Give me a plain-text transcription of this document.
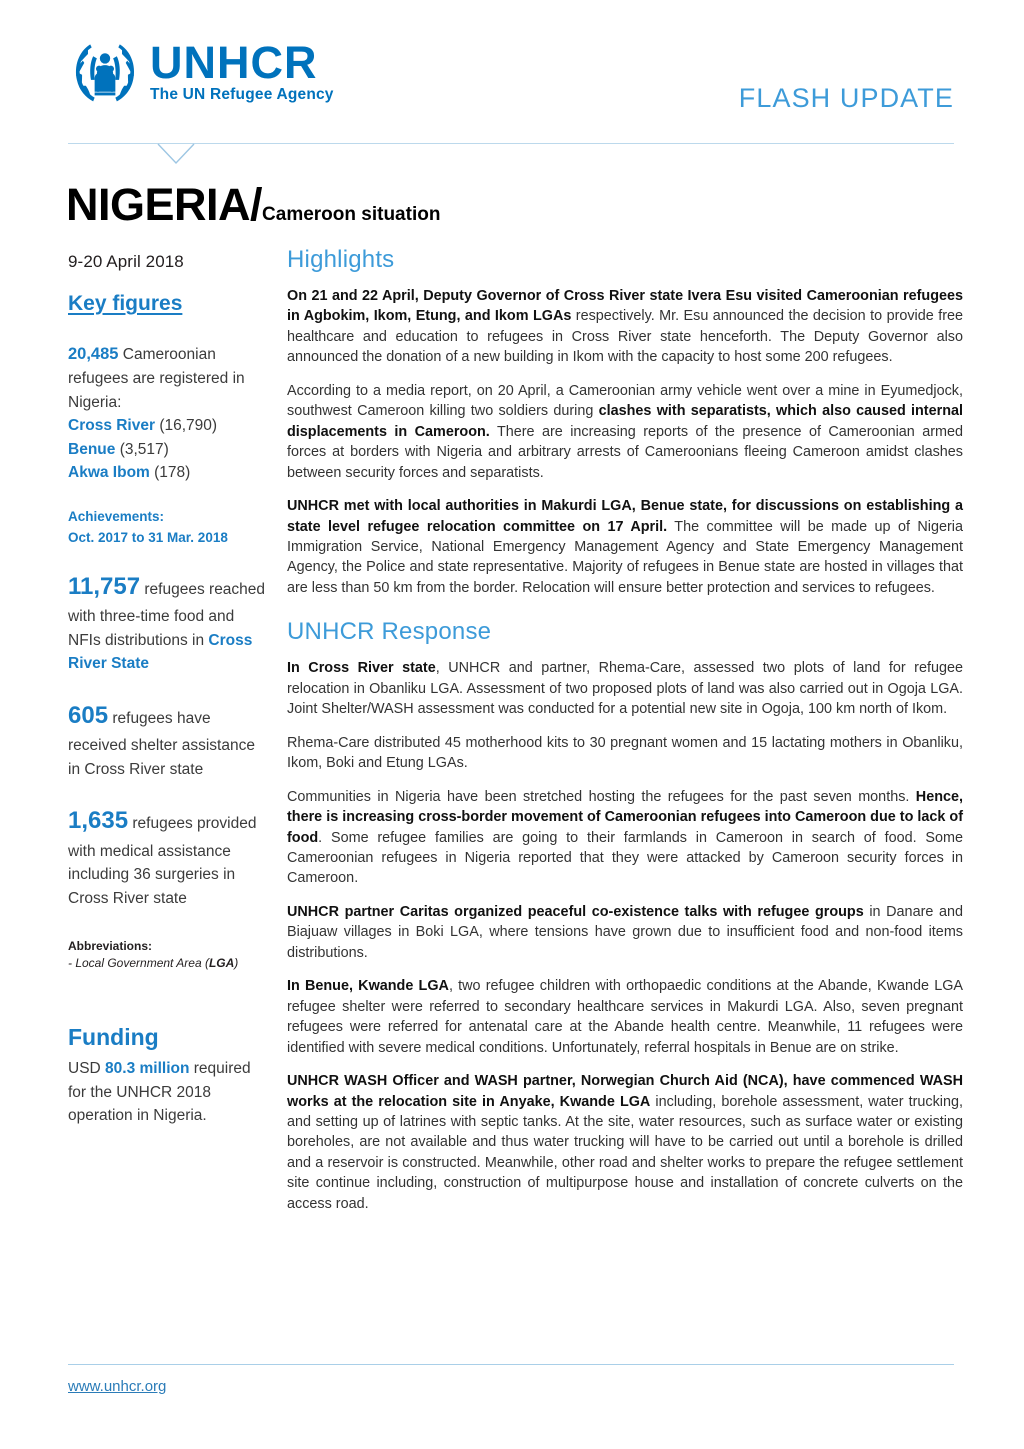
UNHCR
The UN Refugee Agency	FLASH UPDATE
NIGERIA/Cameroon situation
9-20 April 2018
Key figures
20,485 Cameroonian refugees are registered in Nigeria:
Cross River (16,790)
Benue (3,517)
Akwa Ibom (178)
Achievements:
Oct. 2017 to 31 Mar. 2018
11,757 refugees reached with three-time food and NFIs distributions in Cross River State
605 refugees have received shelter assistance in Cross River state
1,635 refugees provided with medical assistance including 36 surgeries in Cross River state
Abbreviations:
- Local Government Area (LGA)
Funding
USD 80.3 million required for the UNHCR 2018 operation in Nigeria.
Highlights

On 21 and 22 April, Deputy Governor of Cross River state Ivera Esu visited Cameroonian refugees in Agbokim, Ikom, Etung, and Ikom LGAs respectively. Mr. Esu announced the decision to provide free healthcare and education to refugees in Cross River state henceforth. The Deputy Governor also announced the donation of a new building in Ikom with the capacity to host some 200 refugees.

According to a media report, on 20 April, a Cameroonian army vehicle went over a mine in Eyumedjock, southwest Cameroon killing two soldiers during clashes with separatists, which also caused internal displacements in Cameroon. There are increasing reports of the presence of Cameroonian armed forces at borders with Nigeria and arbitrary arrests of Cameroonians fleeing Cameroon amidst clashes between security forces and separatists.

UNHCR met with local authorities in Makurdi LGA, Benue state, for discussions on establishing a state level refugee relocation committee on 17 April. The committee will be made up of Nigeria Immigration Service, National Emergency Management Agency and State Emergency Management Agency, the Police and state representative. Majority of refugees in Benue state are hosted in villages that are less than 50 km from the border. Relocation will ensure better protection and services to refugees.

UNHCR Response

In Cross River state, UNHCR and partner, Rhema-Care, assessed two plots of land for refugee relocation in Obanliku LGA. Assessment of two proposed plots of land was also carried out in Ogoja LGA. Joint Shelter/WASH assessment was conducted for a potential new site in Ogoja, 100 km north of Ikom.

Rhema-Care distributed 45 motherhood kits to 30 pregnant women and 15 lactating mothers in Obanliku, Ikom, Boki and Etung LGAs.

Communities in Nigeria have been stretched hosting the refugees for the past seven months. Hence, there is increasing cross-border movement of Cameroonian refugees into Cameroon due to lack of food. Some refugee families are going to their farmlands in Cameroon in search of food. Some Cameroonian refugees in Nigeria reported that they were attacked by Cameroon security forces in Cameroon.

UNHCR partner Caritas organized peaceful co-existence talks with refugee groups in Danare and Biajuaw villages in Boki LGA, where tensions have grown due to insufficient food and non-food items distributions.

In Benue, Kwande LGA, two refugee children with orthopaedic conditions at the Abande, Kwande LGA refugee shelter were referred to secondary healthcare services in Makurdi LGA. Also, seven pregnant refugees were referred for antenatal care at the Abande health centre. Meanwhile, 11 refugees were identified with severe medical conditions. Unfortunately, referral hospitals in Benue are on strike.

UNHCR WASH Officer and WASH partner, Norwegian Church Aid (NCA), have commenced WASH works at the relocation site in Anyake, Kwande LGA including, borehole assessment, water trucking, and setting up of latrines with septic tanks. At the site, water resources, such as surface water or existing boreholes, are not available and thus water trucking will have to be carried out until a borehole is drilled and a reservoir is constructed. Meanwhile, other road and shelter works to prepare the refugee settlement site continue including, construction of multipurpose house and installation of concrete culverts on the access road.

www.unhcr.org
